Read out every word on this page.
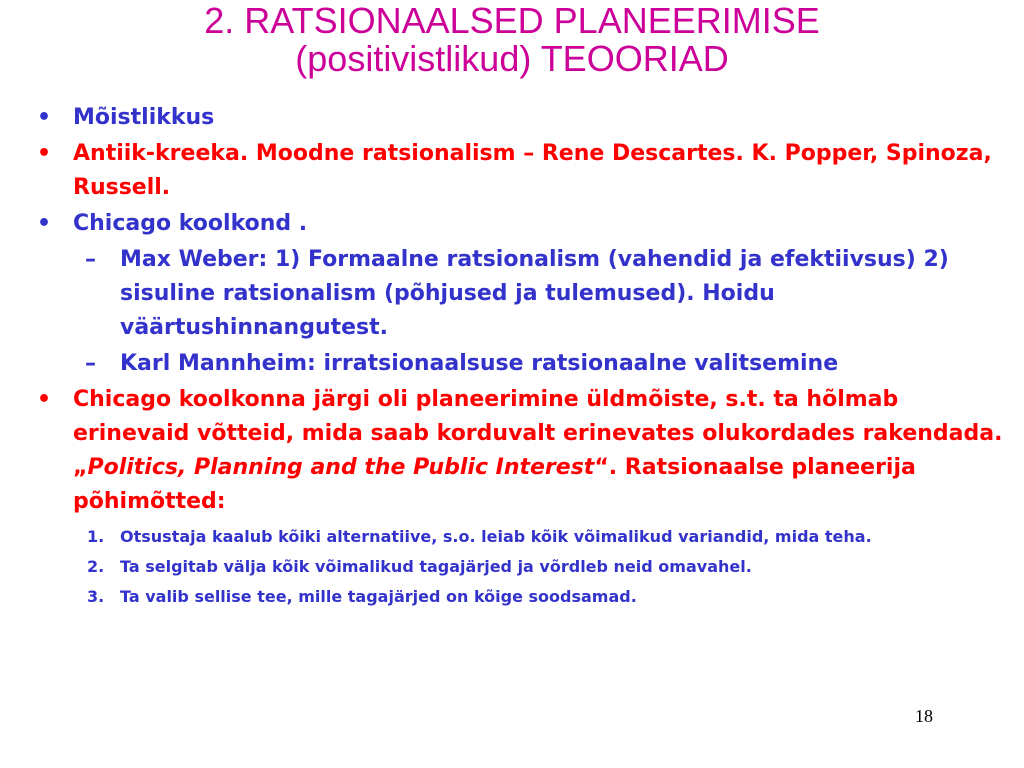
2. RATSIONAALSED PLANEERIMISE
(positivistlikud) TEOORIAD
• Mõistlikkus
• Antiik-kreeka. Moodne ratsionalism – Rene Descartes. K. Popper, Spinoza, Russell.
• Chicago koolkond .
– Max Weber: 1) Formaalne ratsionalism (vahendid ja efektiivsus) 2) sisuline ratsionalism (põhjused ja tulemused). Hoidu väärtushinnangutest.
– Karl Mannheim: irratsionaalsuse ratsionaalne valitsemine
• Chicago koolkonna järgi oli planeerimine üldmõiste, s.t. ta hõlmab erinevaid võtteid, mida saab korduvalt erinevates olukordades rakendada. „Politics, Planning and the Public Interest“. Ratsionaalse planeerija põhimõtted:
1. Otsustaja kaalub kõiki alternatiive, s.o. leiab kõik võimalikud variandid, mida teha.
2. Ta selgitab välja kõik võimalikud tagajärjed ja võrdleb neid omavahel.
3. Ta valib sellise tee, mille tagajärjed on kõige soodsamad.
18
